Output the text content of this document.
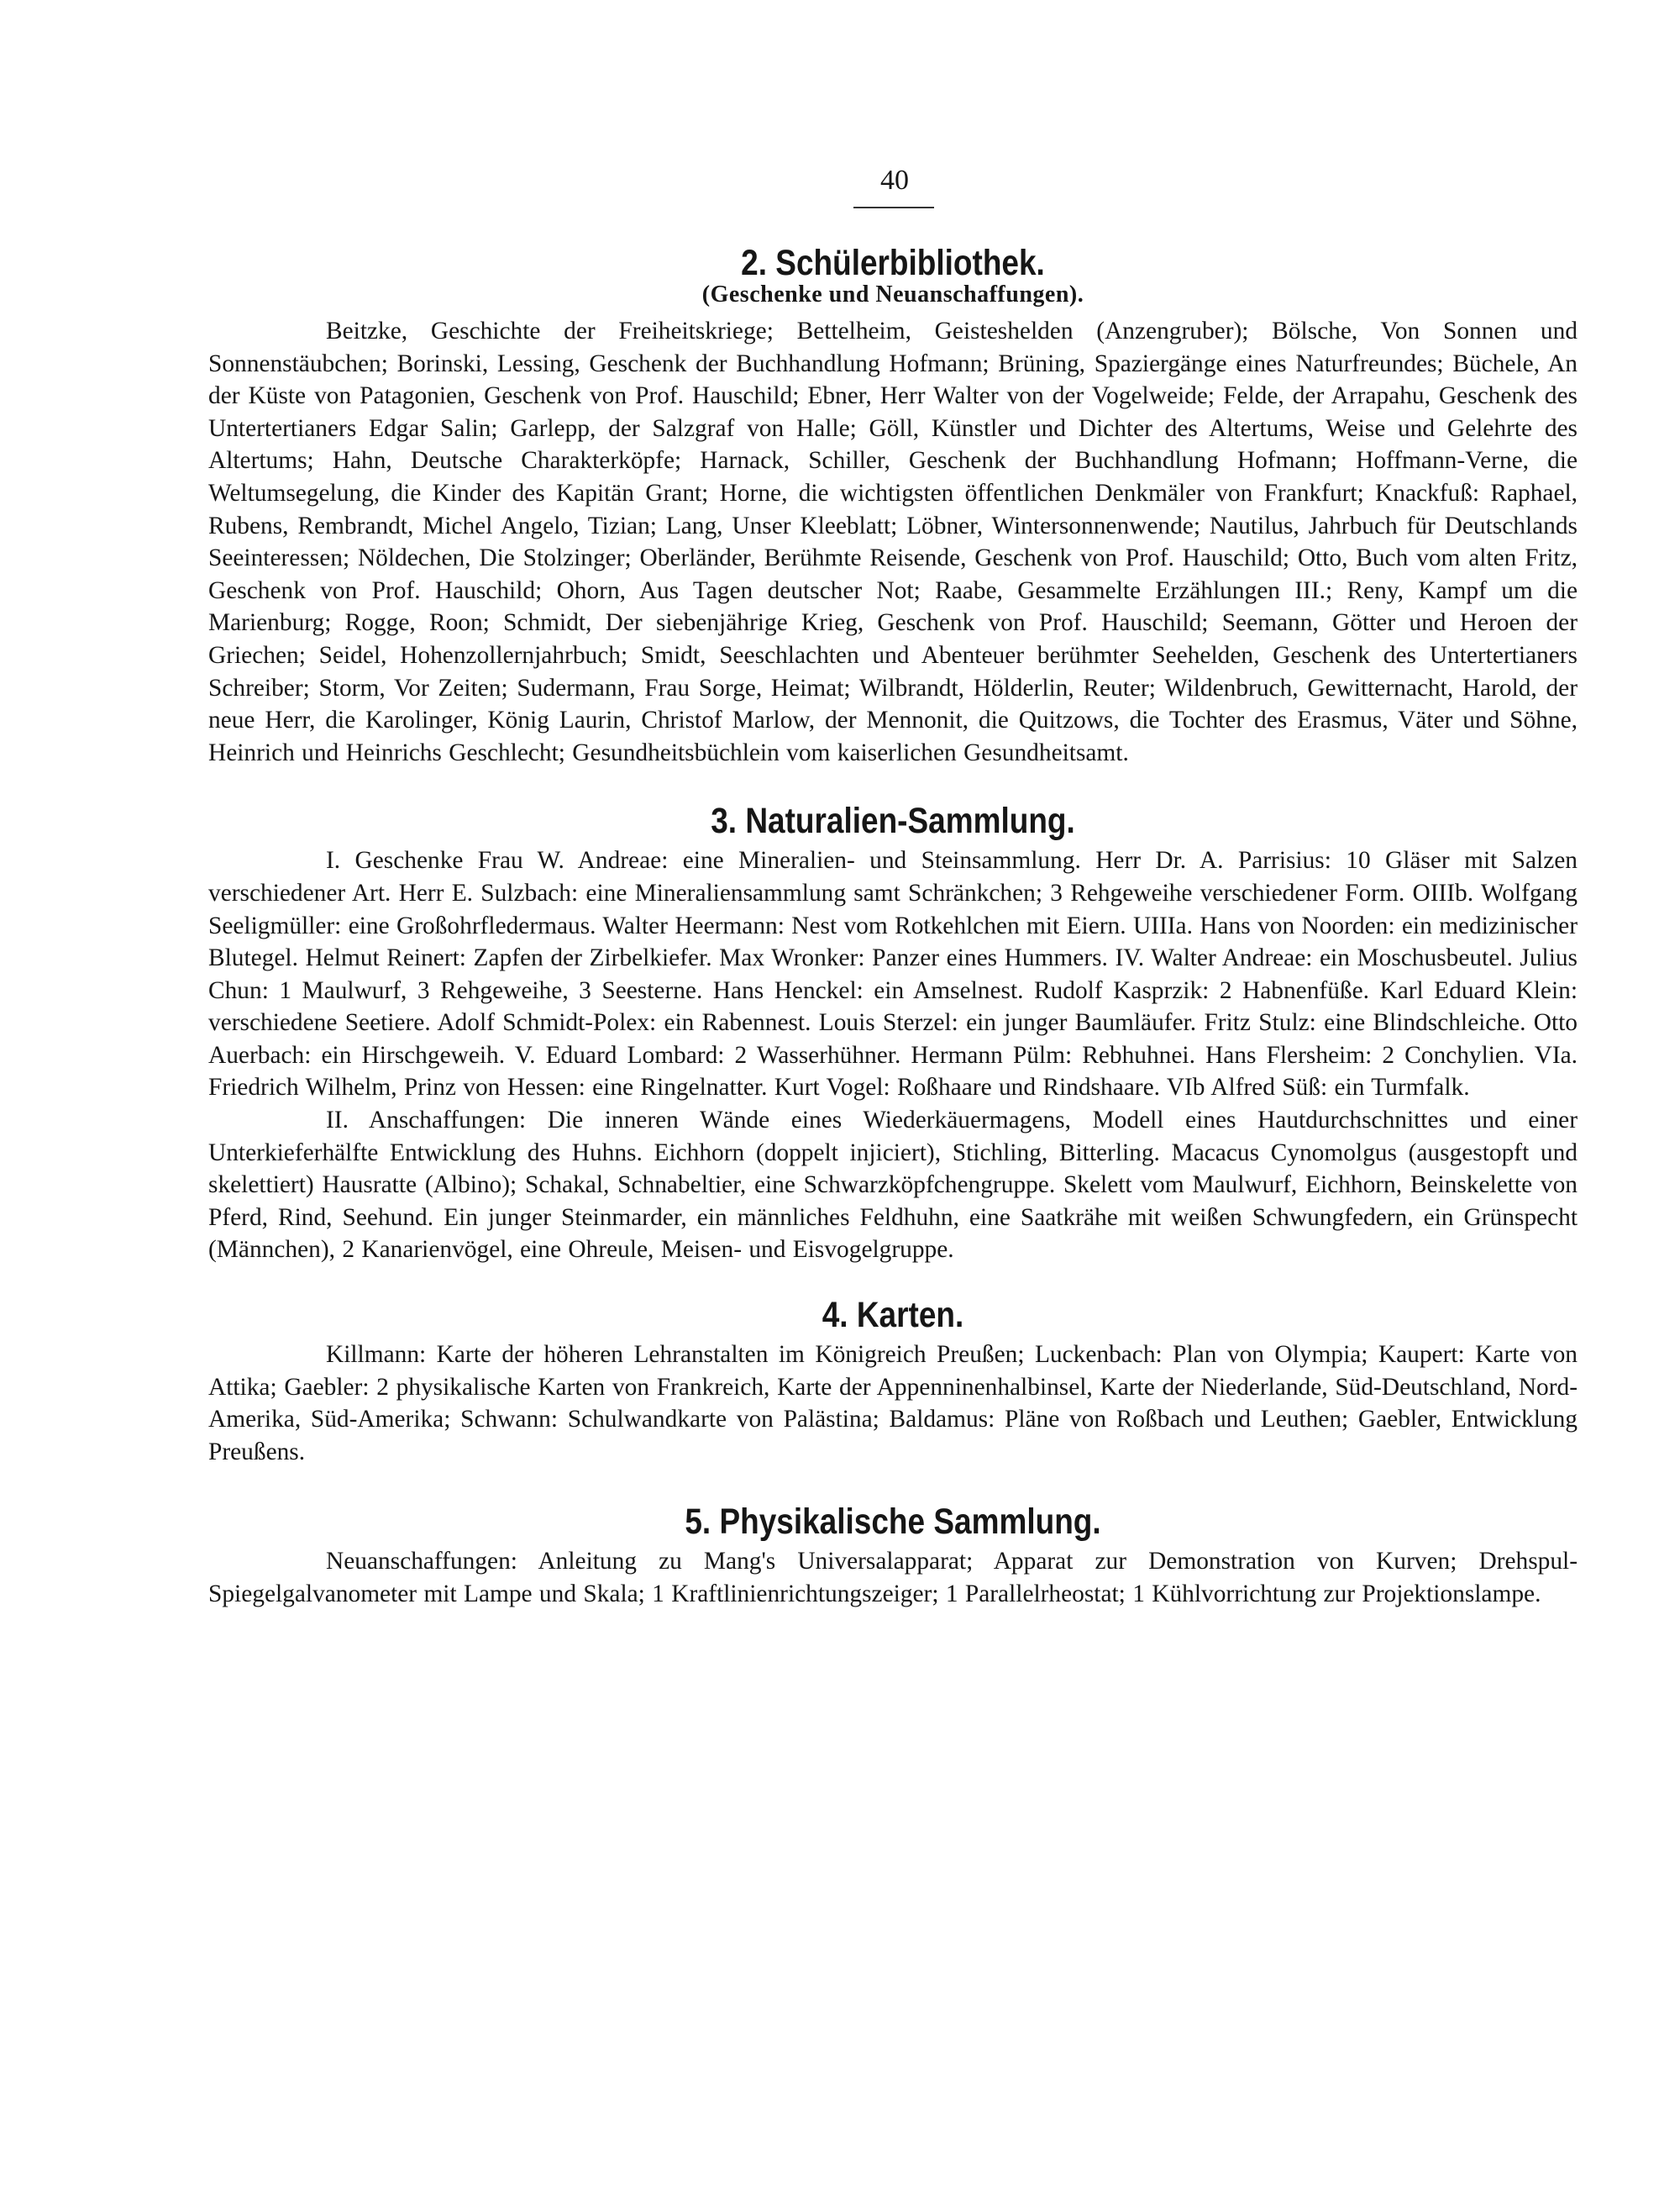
40
2. Schülerbibliothek.
(Geschenke und Neuanschaffungen).

Beitzke, Geschichte der Freiheitskriege; Bettelheim, Geisteshelden (Anzengruber); Bölsche, Von Sonnen und Sonnenstäubchen; Borinski, Lessing, Geschenk der Buchhandlung Hofmann; Brüning, Spaziergänge eines Naturfreundes; Büchele, An der Küste von Patagonien, Geschenk von Prof. Hauschild; Ebner, Herr Walter von der Vogelweide; Felde, der Arrapahu, Geschenk des Untertertianers Edgar Salin; Garlepp, der Salzgraf von Halle; Göll, Künstler und Dichter des Altertums, Weise und Gelehrte des Altertums; Hahn, Deutsche Charakterköpfe; Harnack, Schiller, Geschenk der Buchhandlung Hofmann; Hoffmann-Verne, die Weltumsegelung, die Kinder des Kapitän Grant; Horne, die wichtigsten öffentlichen Denkmäler von Frankfurt; Knackfuß: Raphael, Rubens, Rembrandt, Michel Angelo, Tizian; Lang, Unser Kleeblatt; Löbner, Wintersonnenwende; Nautilus, Jahrbuch für Deutschlands Seeinteressen; Nöldechen, Die Stolzinger; Oberländer, Berühmte Reisende, Geschenk von Prof. Hauschild; Otto, Buch vom alten Fritz, Geschenk von Prof. Hauschild; Ohorn, Aus Tagen deutscher Not; Raabe, Gesammelte Erzählungen III.; Reny, Kampf um die Marienburg; Rogge, Roon; Schmidt, Der siebenjährige Krieg, Geschenk von Prof. Hauschild; Seemann, Götter und Heroen der Griechen; Seidel, Hohenzollernjahrbuch; Smidt, Seeschlachten und Abenteuer berühmter Seehelden, Geschenk des Untertertianers Schreiber; Storm, Vor Zeiten; Sudermann, Frau Sorge, Heimat; Wilbrandt, Hölderlin, Reuter; Wildenbruch, Gewitternacht, Harold, der neue Herr, die Karolinger, König Laurin, Christof Marlow, der Mennonit, die Quitzows, die Tochter des Erasmus, Väter und Söhne, Heinrich und Heinrichs Geschlecht; Gesundheitsbüchlein vom kaiserlichen Gesundheitsamt.

3. Naturalien-Sammlung.

I. Geschenke Frau W. Andreae: eine Mineralien- und Steinsammlung. Herr Dr. A. Parrisius: 10 Gläser mit Salzen verschiedener Art. Herr E. Sulzbach: eine Mineraliensammlung samt Schränkchen; 3 Rehgeweihe verschiedener Form. OIIIb. Wolfgang Seeligmüller: eine Großohrfledermaus. Walter Heermann: Nest vom Rotkehlchen mit Eiern. UIIIa. Hans von Noorden: ein medizinischer Blutegel. Helmut Reinert: Zapfen der Zirbelkiefer. Max Wronker: Panzer eines Hummers. IV. Walter Andreae: ein Moschusbeutel. Julius Chun: 1 Maulwurf, 3 Rehgeweihe, 3 Seesterne. Hans Henckel: ein Amselnest. Rudolf Kasprzik: 2 Habnenfüße. Karl Eduard Klein: verschiedene Seetiere. Adolf Schmidt-Polex: ein Rabennest. Louis Sterzel: ein junger Baumläufer. Fritz Stulz: eine Blindschleiche. Otto Auerbach: ein Hirschgeweih. V. Eduard Lombard: 2 Wasserhühner. Hermann Pülm: Rebhuhnei. Hans Flersheim: 2 Conchylien. VIa. Friedrich Wilhelm, Prinz von Hessen: eine Ringelnatter. Kurt Vogel: Roßhaare und Rindshaare. VIb Alfred Süß: ein Turmfalk.

II. Anschaffungen: Die inneren Wände eines Wiederkäuermagens, Modell eines Hautdurchschnittes und einer Unterkieferhälfte Entwicklung des Huhns. Eichhorn (doppelt injiciert), Stichling, Bitterling. Macacus Cynomolgus (ausgestopft und skelettiert) Hausratte (Albino); Schakal, Schnabeltier, eine Schwarzköpfchengruppe. Skelett vom Maulwurf, Eichhorn, Beinskelette von Pferd, Rind, Seehund. Ein junger Steinmarder, ein männliches Feldhuhn, eine Saatkrähe mit weißen Schwungfedern, ein Grünspecht (Männchen), 2 Kanarienvögel, eine Ohreule, Meisen- und Eisvogelgruppe.

4. Karten.

Killmann: Karte der höheren Lehranstalten im Königreich Preußen; Luckenbach: Plan von Olympia; Kaupert: Karte von Attika; Gaebler: 2 physikalische Karten von Frankreich, Karte der Appenninenhalbinsel, Karte der Niederlande, Süd-Deutschland, Nord-Amerika, Süd-Amerika; Schwann: Schulwandkarte von Palästina; Baldamus: Pläne von Roßbach und Leuthen; Gaebler, Entwicklung Preußens.

5. Physikalische Sammlung.

Neuanschaffungen: Anleitung zu Mang's Universalapparat; Apparat zur Demonstration von Kurven; Drehspul-Spiegelgalvanometer mit Lampe und Skala; 1 Kraftlinienrichtungszeiger; 1 Parallelrheostat; 1 Kühlvorrichtung zur Projektionslampe.
